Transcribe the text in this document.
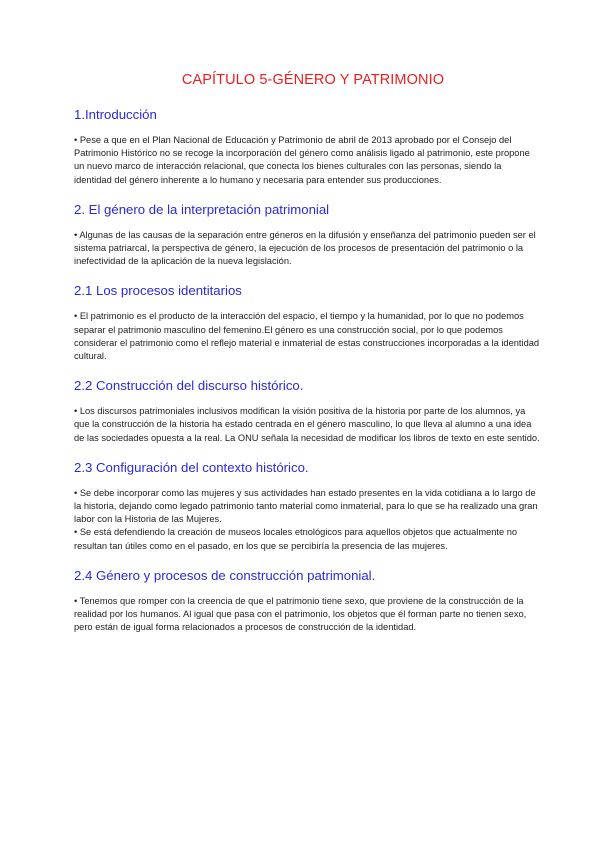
CAPÍTULO 5-GÉNERO Y PATRIMONIO
1.Introducción

• Pese a que en el Plan Nacional de Educación y Patrimonio de abril de 2013 aprobado por el Consejo del Patrimonio Histórico no se recoge la incorporación del género como análisis ligado al patrimonio, este propone un nuevo marco de interacción relacional, que conecta los bienes culturales con las personas, siendo la identidad del género inherente a lo humano y necesaria para entender sus producciones.

2. El género de la interpretación patrimonial

• Algunas de las causas de la separación entre géneros en la difusión y enseñanza del patrimonio pueden ser el sistema patriarcal, la perspectiva de género, la ejecución de los procesos de presentación del patrimonio o la inefectividad de la aplicación de la nueva legislación.

2.1 Los procesos identitarios

• El patrimonio es el producto de la interacción del espacio, el tiempo y la humanidad, por lo que no podemos separar el patrimonio masculino del femenino.El género es una construcción social, por lo que podemos considerar el patrimonio como el reflejo material e inmaterial de estas construcciones incorporadas a la identidad cultural.

2.2 Construcción del discurso histórico.

• Los discursos patrimoniales inclusivos modifican la visión positiva de la historia por parte de los alumnos, ya que la construcción de la historia ha estado centrada en el género masculino, lo que lleva al alumno a una idea de las sociedades opuesta a la real. La ONU señala la necesidad de modificar los libros de texto en este sentido.

2.3 Configuración del contexto histórico.

• Se debe incorporar como las mujeres y sus actividades han estado presentes en la vida cotidiana a lo largo de la historia, dejando como legado patrimonio tanto material como inmaterial, para lo que se ha realizado una gran labor con la Historia de las Mujeres.

• Se está defendiendo la creación de museos locales etnológicos para aquellos objetos que actualmente no resultan tan útiles como en el pasado, en los que se percibiría la presencia de las mujeres.

2.4 Género y procesos de construcción patrimonial.

• Tenemos que romper con la creencia de que el patrimonio tiene sexo, que proviene de la construcción de la realidad por los humanos. Al igual que pasa con el patrimonio, los objetos que él forman parte no tienen sexo, pero están de igual forma relacionados a procesos de construcción de la identidad.
